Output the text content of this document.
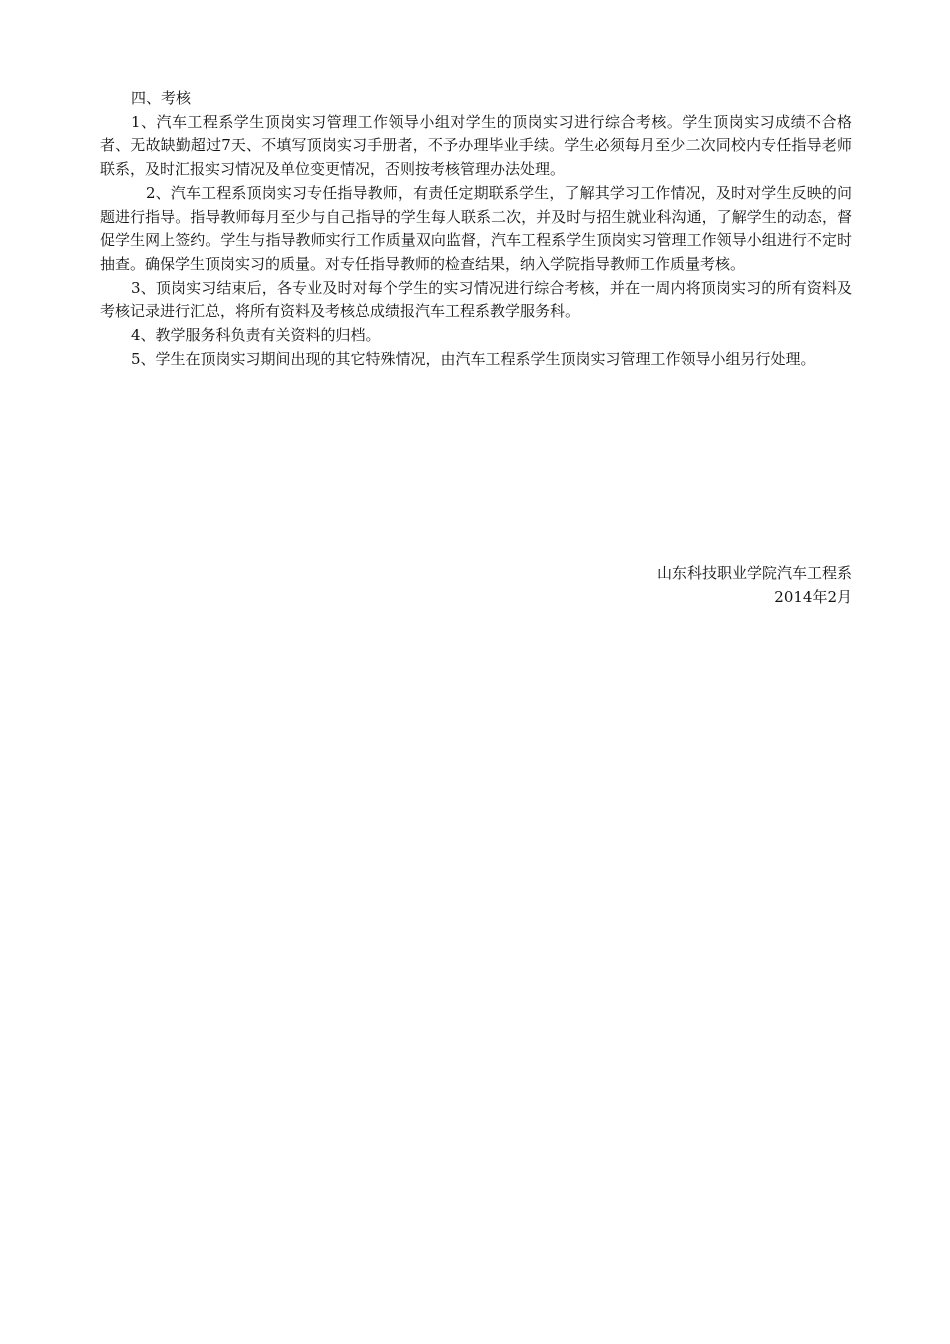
四、考核

1、汽车工程系学生顶岗实习管理工作领导小组对学生的顶岗实习进行综合考核。学生顶岗实习成绩不合格者、无故缺勤超过7天、不填写顶岗实习手册者，不予办理毕业手续。学生必须每月至少二次同校内专任指导老师联系，及时汇报实习情况及单位变更情况，否则按考核管理办法处理。

2、汽车工程系顶岗实习专任指导教师，有责任定期联系学生，了解其学习工作情况，及时对学生反映的问题进行指导。指导教师每月至少与自己指导的学生每人联系二次，并及时与招生就业科沟通，了解学生的动态，督促学生网上签约。学生与指导教师实行工作质量双向监督，汽车工程系学生顶岗实习管理工作领导小组进行不定时抽查。确保学生顶岗实习的质量。对专任指导教师的检查结果，纳入学院指导教师工作质量考核。

3、顶岗实习结束后，各专业及时对每个学生的实习情况进行综合考核，并在一周内将顶岗实习的所有资料及考核记录进行汇总，将所有资料及考核总成绩报汽车工程系教学服务科。

4、教学服务科负责有关资料的归档。

5、学生在顶岗实习期间出现的其它特殊情况，由汽车工程系学生顶岗实习管理工作领导小组另行处理。

山东科技职业学院汽车工程系
2014年2月
